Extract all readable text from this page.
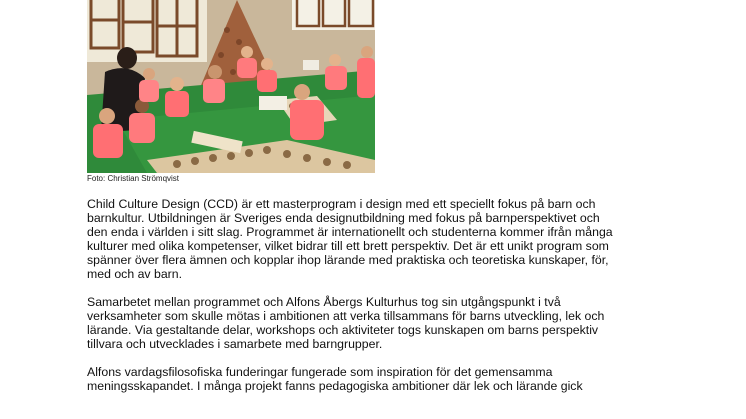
Foto: Christian Strömqvist

Child Culture Design (CCD) är ett masterprogram i design med ett speciellt fokus på barn och
barnkultur. Utbildningen är Sveriges enda designutbildning med fokus på barnperspektivet och
den enda i världen i sitt slag. Programmet är internationellt och studenterna kommer ifrån många
kulturer med olika kompetenser, vilket bidrar till ett brett perspektiv. Det är ett unikt program som
spänner över flera ämnen och kopplar ihop lärande med praktiska och teoretiska kunskaper, för,
med och av barn.

Samarbetet mellan programmet och Alfons Åbergs Kulturhus tog sin utgångspunkt i två
verksamheter som skulle mötas i ambitionen att verka tillsammans för barns utveckling, lek och
lärande. Via gestaltande delar, workshops och aktiviteter togs kunskapen om barns perspektiv
tillvara och utvecklades i samarbete med barngrupper.

Alfons vardagsfilosofiska funderingar fungerade som inspiration för det gemensamma
meningsskapandet. I många projekt fanns pedagogiska ambitioner där lek och lärande gick
